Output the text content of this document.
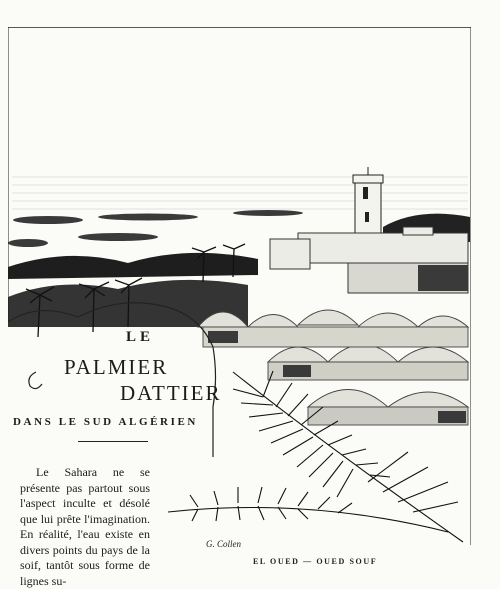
G. Collen
LE
PALMIER
DATTIER
DANS LE SUD ALGÉRIEN

Le Sahara ne se présente pas partout sous l'aspect inculte et désolé que lui prête l'imagination. En réalité, l'eau existe en divers points du pays de la soif, tantôt sous forme de lignes su-

EL OUED — OUED SOUF
